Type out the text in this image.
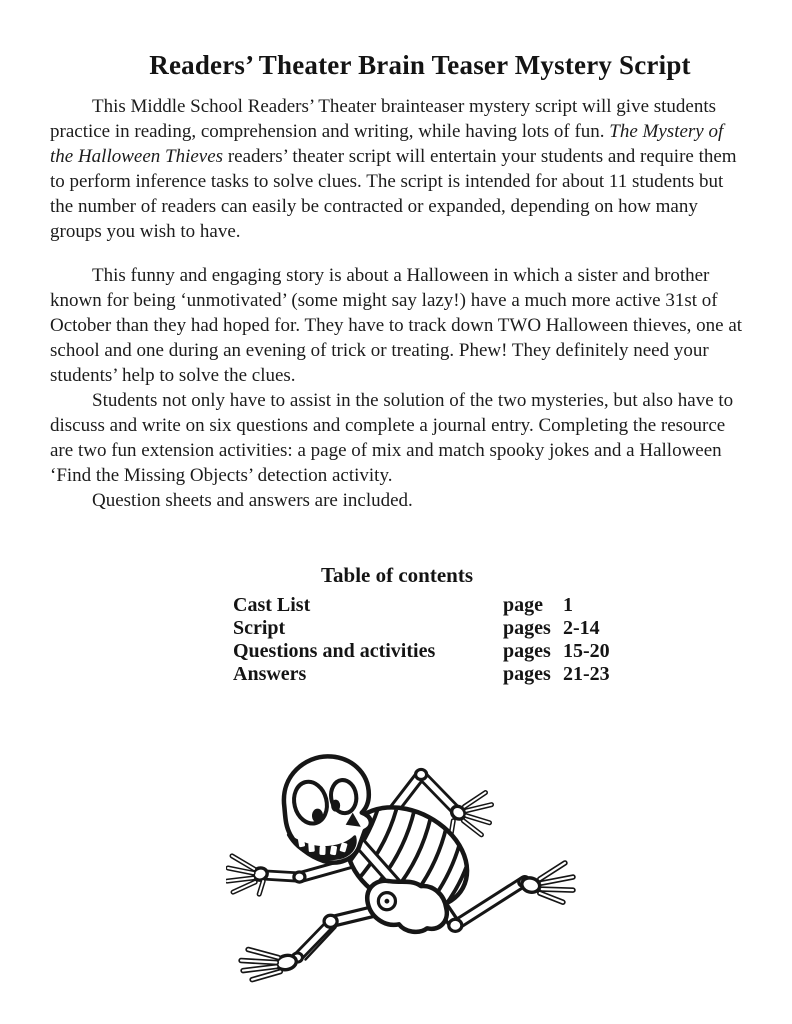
Readers’ Theater Brain Teaser Mystery Script

This Middle School Readers’ Theater brainteaser mystery script will give students practice in reading, comprehension and writing, while having lots of fun. The Mystery of the Halloween Thieves readers’ theater script will entertain your students and require them to perform inference tasks to solve clues. The script is intended for about 11 students but the number of readers can easily be contracted or expanded, depending on how many groups you wish to have.

This funny and engaging story is about a Halloween in which a sister and brother known for being ‘unmotivated’ (some might say lazy!) have a much more active 31st of October than they had hoped for. They have to track down TWO Halloween thieves, one at school and one during an evening of trick or treating. Phew! They definitely need your students’ help to solve the clues.

Students not only have to assist in the solution of the two mysteries, but also have to discuss and write on six questions and complete a journal entry. Completing the resource are two fun extension activities: a page of mix and match spooky jokes and a Halloween ‘Find the Missing Objects’ detection activity.

Question sheets and answers are included.

Table of contents
Cast List	page	1
Script	pages 2-14
Questions and activities	pages 15-20
Answers	pages 21-23
